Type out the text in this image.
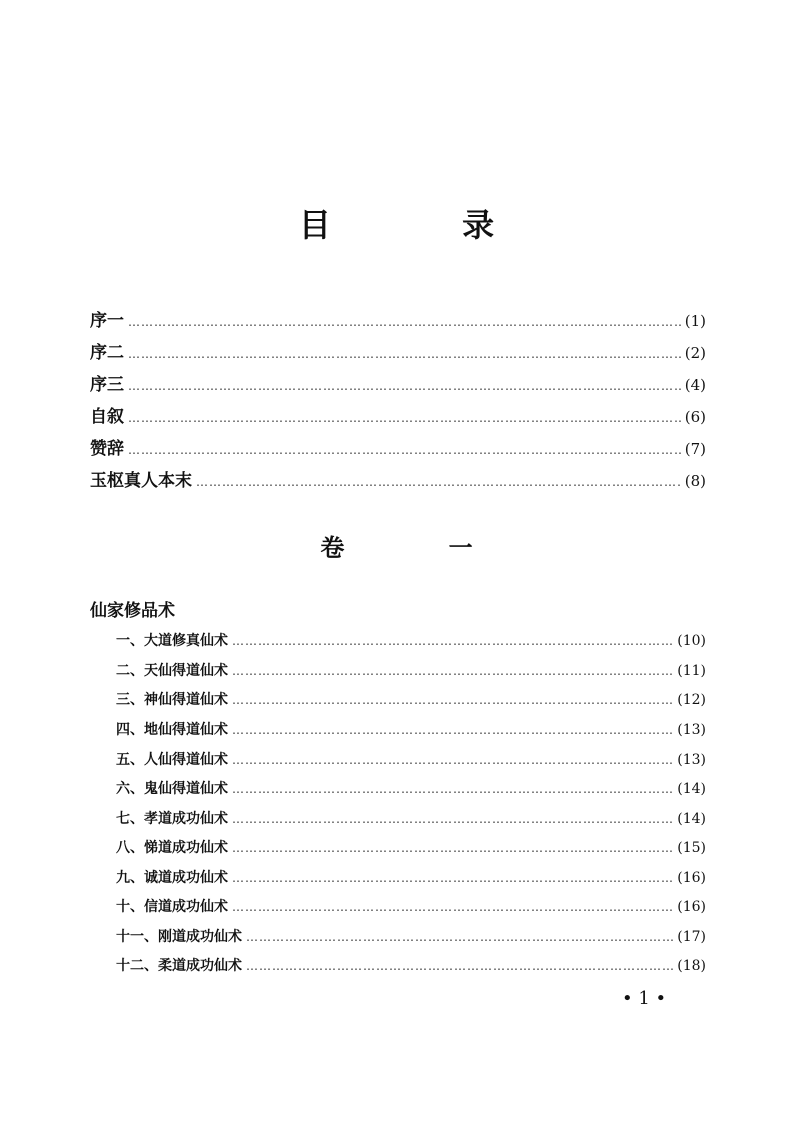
目 录
序一 …………………………………………………………………………………………………………………………………………………………	(1)
序二 …………………………………………………………………………………………………………………………………………………………	(2)
序三 …………………………………………………………………………………………………………………………………………………………	(4)
自叙 …………………………………………………………………………………………………………………………………………………………	(6)
赞辞 …………………………………………………………………………………………………………………………………………………………	(7)
玉枢真人本末 …………………………………………………………………………………………………………………………………………………………	(8)
卷 一
仙家修品术
一、大道修真仙术 …………………………………………………………………………………………………………………………………………………………	(10)
二、天仙得道仙术 …………………………………………………………………………………………………………………………………………………………	(11)
三、神仙得道仙术 …………………………………………………………………………………………………………………………………………………………	(12)
四、地仙得道仙术 …………………………………………………………………………………………………………………………………………………………	(13)
五、人仙得道仙术 …………………………………………………………………………………………………………………………………………………………	(13)
六、鬼仙得道仙术 …………………………………………………………………………………………………………………………………………………………	(14)
七、孝道成功仙术 …………………………………………………………………………………………………………………………………………………………	(14)
八、悌道成功仙术 …………………………………………………………………………………………………………………………………………………………	(15)
九、诚道成功仙术 …………………………………………………………………………………………………………………………………………………………	(16)
十、信道成功仙术 …………………………………………………………………………………………………………………………………………………………	(16)
十一、刚道成功仙术 …………………………………………………………………………………………………………………………………………………………	(17)
十二、柔道成功仙术 …………………………………………………………………………………………………………………………………………………………	(18)
• 1 •
